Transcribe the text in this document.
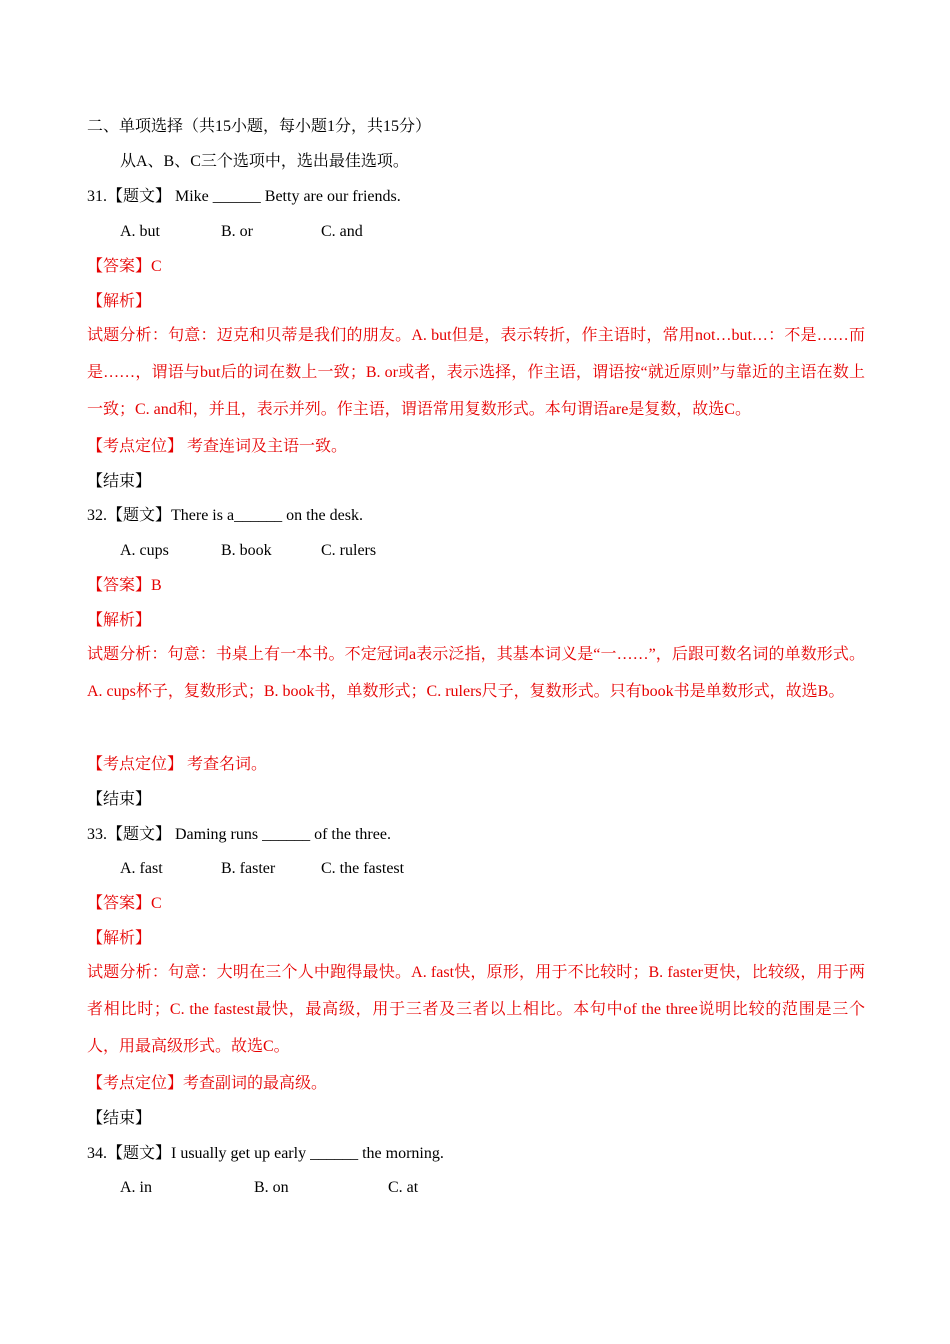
二、单项选择（共15小题，每小题1分，共15分）
从A、B、C三个选项中，选出最佳选项。
31.【题文】 Mike ______ Betty are our friends.
A. but	B. or	C. and
【答案】C
【解析】
试题分析：句意：迈克和贝蒂是我们的朋友。A. but但是，表示转折，作主语时，常用not…but…：不是……而是……，谓语与but后的词在数上一致；B. or或者，表示选择，作主语，谓语按“就近原则”与靠近的主语在数上一致；C. and和，并且，表示并列。作主语，谓语常用复数形式。本句谓语are是复数，故选C。
【考点定位】 考查连词及主语一致。
【结束】
32.【题文】There is a______ on the desk.
A. cups	B. book	C. rulers
【答案】B
【解析】
试题分析：句意：书桌上有一本书。不定冠词a表示泛指，其基本词义是“一……”，后跟可数名词的单数形式。A. cups杯子，复数形式；B. book书，单数形式；C. rulers尺子，复数形式。只有book书是单数形式，故选B。
【考点定位】 考查名词。
【结束】
33.【题文】 Daming runs ______ of the three.
A. fast	B. faster	C. the fastest
【答案】C
【解析】
试题分析：句意：大明在三个人中跑得最快。A. fast快，原形，用于不比较时；B. faster更快，比较级，用于两者相比时；C. the fastest最快，最高级，用于三者及三者以上相比。本句中of the three说明比较的范围是三个人，用最高级形式。故选C。
【考点定位】考查副词的最高级。
【结束】
34.【题文】I usually get up early ______ the morning.
A. in	B. on	C. at
